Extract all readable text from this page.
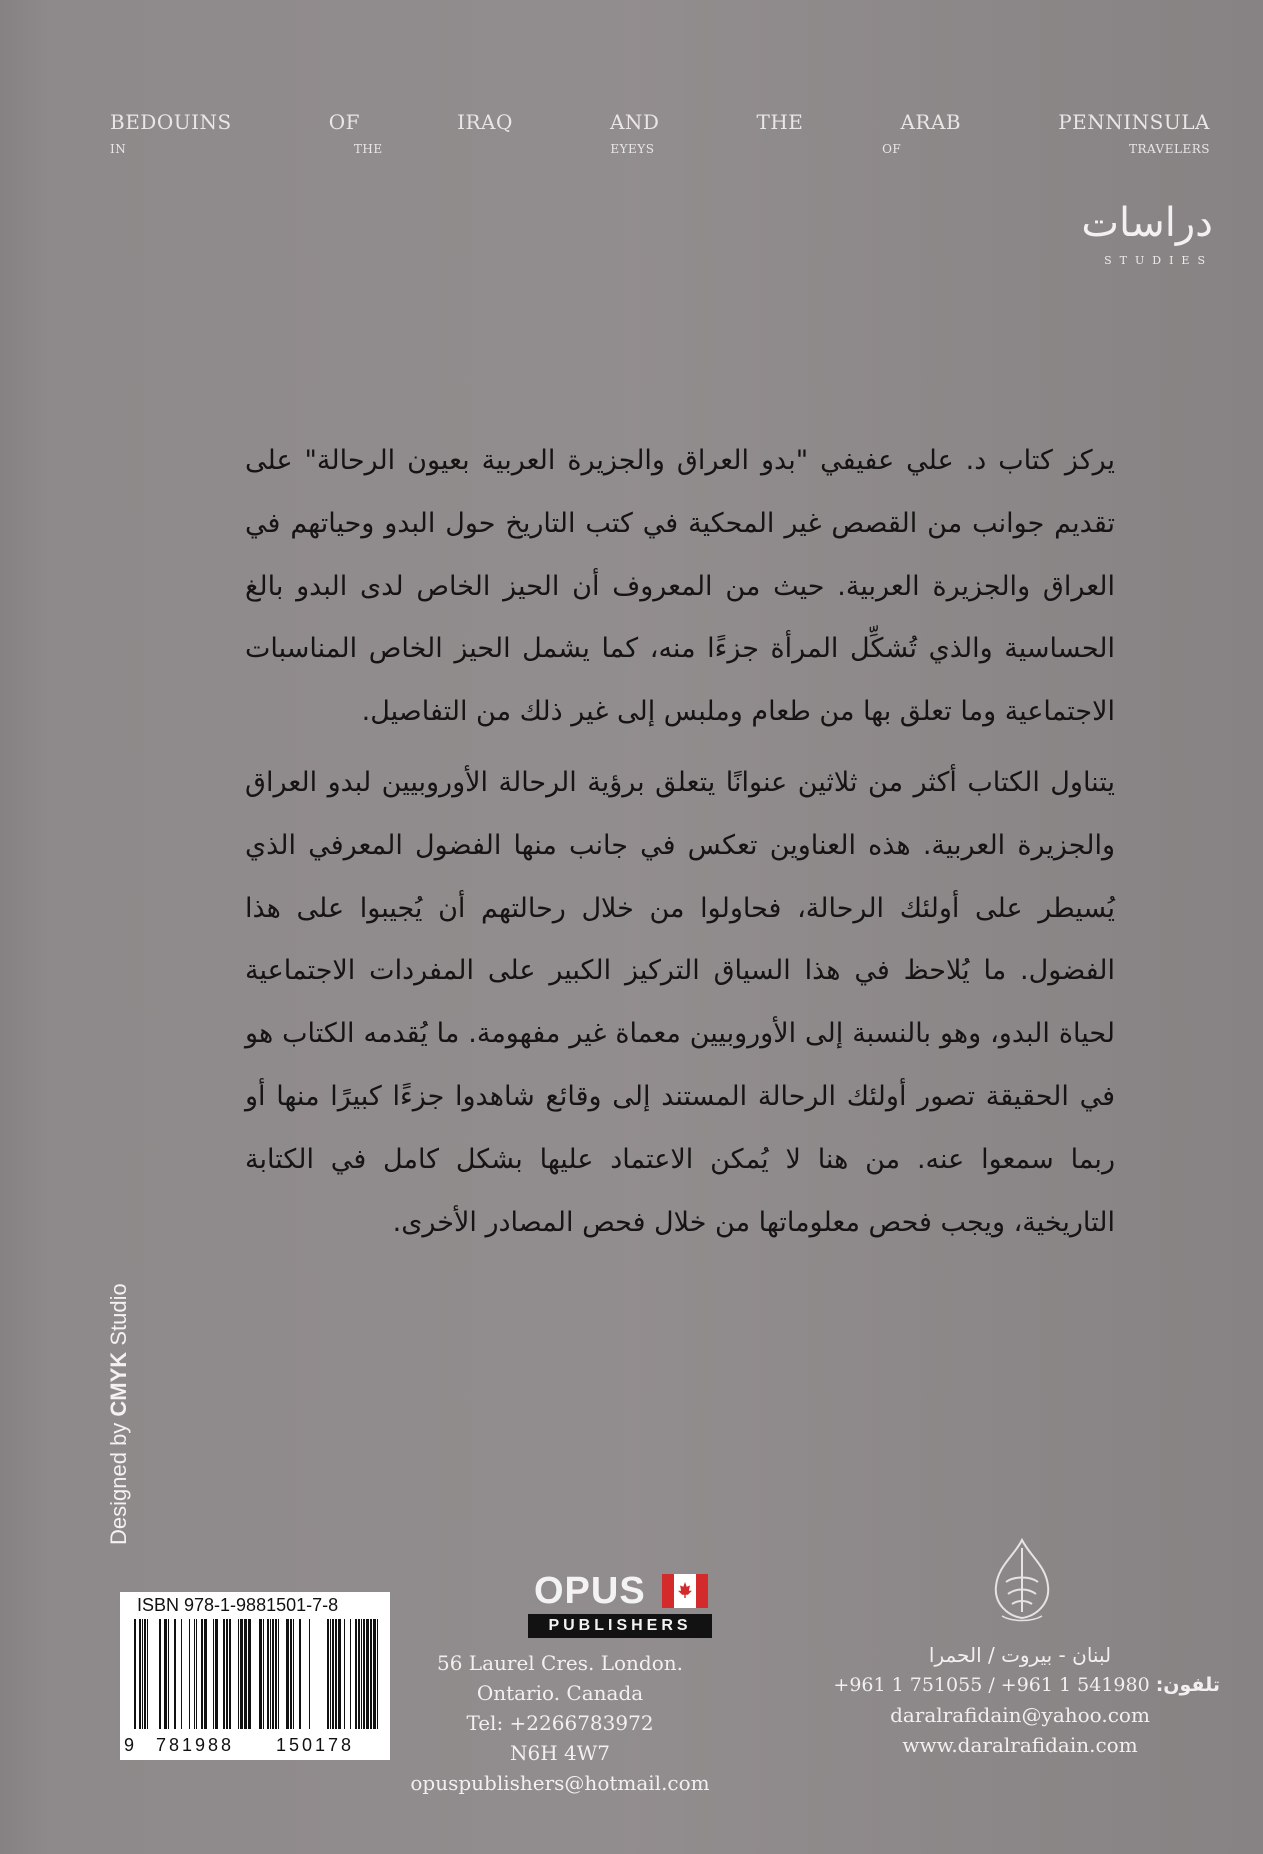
BEDOUINS	OF	IRAQ	AND	THE	ARAB	PENNINSULA
IN	THE	EYEYS	OF	TRAVELERS
دراسات
STUDIES

يركز كتاب د. علي عفيفي "بدو العراق والجزيرة العربية بعيون الرحالة" على تقديم جوانب من القصص غير المحكية في كتب التاريخ حول البدو وحياتهم في العراق والجزيرة العربية. حيث من المعروف أن الحيز الخاص لدى البدو بالغ الحساسية والذي تُشكِّل المرأة جزءًا منه، كما يشمل الحيز الخاص المناسبات الاجتماعية وما تعلق بها من طعام وملبس إلى غير ذلك من التفاصيل.

يتناول الكتاب أكثر من ثلاثين عنوانًا يتعلق برؤية الرحالة الأوروبيين لبدو العراق والجزيرة العربية. هذه العناوين تعكس في جانب منها الفضول المعرفي الذي يُسيطر على أولئك الرحالة، فحاولوا من خلال رحالتهم أن يُجيبوا على هذا الفضول. ما يُلاحظ في هذا السياق التركيز الكبير على المفردات الاجتماعية لحياة البدو، وهو بالنسبة إلى الأوروبيين معماة غير مفهومة. ما يُقدمه الكتاب هو في الحقيقة تصور أولئك الرحالة المستند إلى وقائع شاهدوا جزءًا كبيرًا منها أو ربما سمعوا عنه. من هنا لا يُمكن الاعتماد عليها بشكل كامل في الكتابة التاريخية، ويجب فحص معلوماتها من خلال فحص المصادر الأخرى.

Designed by CMYK Studio
ISBN 978-1-9881501-7-8
9 781988 150178
OPUS
PUBLISHERS
56 Laurel Cres. London. Ontario. Canada
Tel: +2266783972
N6H 4W7
opuspublishers@hotmail.com
لبنان - بيروت / الحمرا
تلفون: +961 1 751055 / +961 1 541980
daralrafidain@yahoo.com
www.daralrafidain.com
